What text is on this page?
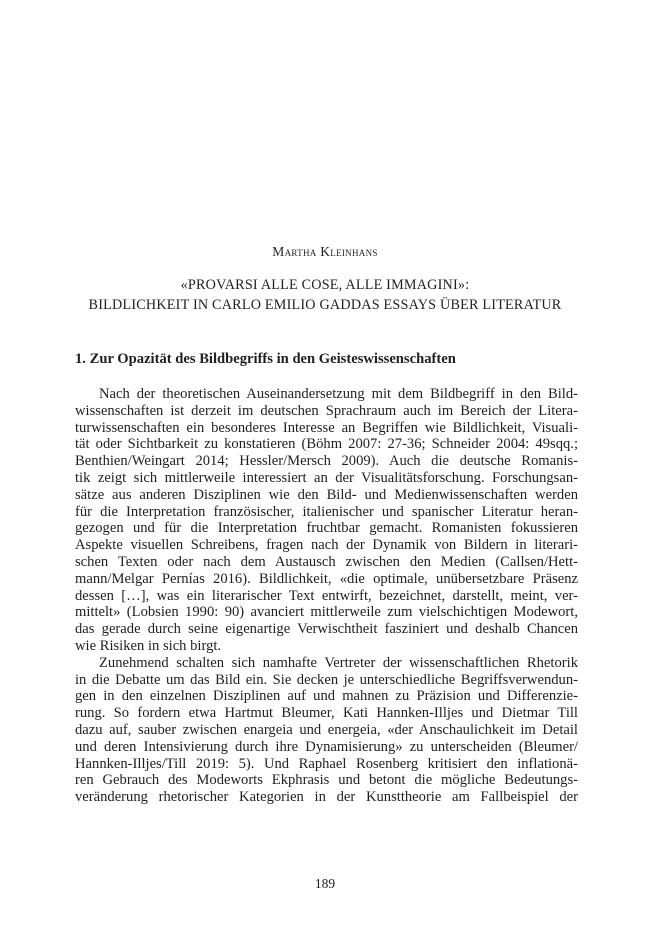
Martha Kleinhans
«PROVARSI ALLE COSE, ALLE IMMAGINI»:
BILDLICHKEIT IN CARLO EMILIO GADDAS ESSAYS ÜBER LITERATUR
1. Zur Opazität des Bildbegriffs in den Geisteswissenschaften
Nach der theoretischen Auseinandersetzung mit dem Bildbegriff in den Bild-
wissenschaften ist derzeit im deutschen Sprachraum auch im Bereich der Litera-
turwissenschaften ein besonderes Interesse an Begriffen wie Bildlichkeit, Visuali-
tät oder Sichtbarkeit zu konstatieren (Böhm 2007: 27-36; Schneider 2004: 49sqq.;
Benthien/Weingart 2014; Hessler/Mersch 2009). Auch die deutsche Romanis-
tik zeigt sich mittlerweile interessiert an der Visualitätsforschung. Forschungsan-
sätze aus anderen Disziplinen wie den Bild- und Medienwissenschaften werden
für die Interpretation französischer, italienischer und spanischer Literatur heran-
gezogen und für die Interpretation fruchtbar gemacht. Romanisten fokussieren
Aspekte visuellen Schreibens, fragen nach der Dynamik von Bildern in literari-
schen Texten oder nach dem Austausch zwischen den Medien (Callsen/Hett-
mann/Melgar Pernías 2016). Bildlichkeit, «die optimale, unübersetzbare Präsenz
dessen […], was ein literarischer Text entwirft, bezeichnet, darstellt, meint, ver-
mittelt» (Lobsien 1990: 90) avanciert mittlerweile zum vielschichtigen Modewort,
das gerade durch seine eigenartige Verwischtheit fasziniert und deshalb Chancen
wie Risiken in sich birgt.
Zunehmend schalten sich namhafte Vertreter der wissenschaftlichen Rhetorik
in die Debatte um das Bild ein. Sie decken je unterschiedliche Begriffsverwendun-
gen in den einzelnen Disziplinen auf und mahnen zu Präzision und Differenzie-
rung. So fordern etwa Hartmut Bleumer, Kati Hannken-Illjes und Dietmar Till
dazu auf, sauber zwischen enargeia und energeia, «der Anschaulichkeit im Detail
und deren Intensivierung durch ihre Dynamisierung» zu unterscheiden (Bleumer/
Hannken-Illjes/Till 2019: 5). Und Raphael Rosenberg kritisiert den inflationä-
ren Gebrauch des Modeworts Ekphrasis und betont die mögliche Bedeutungs-
veränderung rhetorischer Kategorien in der Kunsttheorie am Fallbeispiel der
189
